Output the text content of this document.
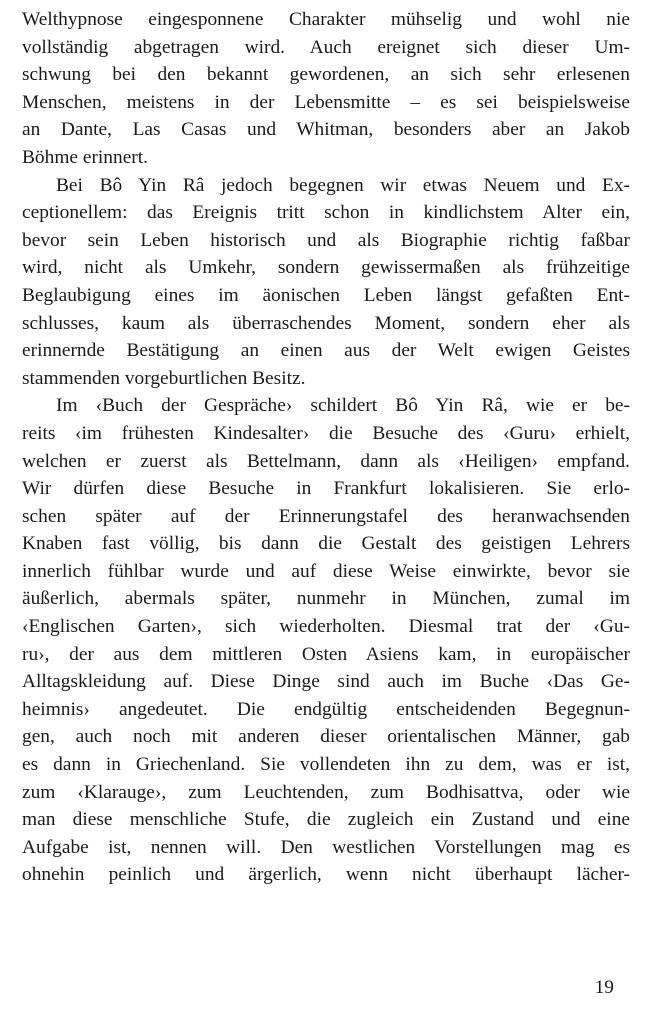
Welthypnose eingesponnene Charakter mühselig und wohl nie
vollständig abgetragen wird. Auch ereignet sich dieser Um-
schwung bei den bekannt gewordenen, an sich sehr erlesenen
Menschen, meistens in der Lebensmitte – es sei beispielsweise
an Dante, Las Casas und Whitman, besonders aber an Jakob
Böhme erinnert.
Bei Bô Yin Râ jedoch begegnen wir etwas Neuem und Ex-
ceptionellem: das Ereignis tritt schon in kindlichstem Alter ein,
bevor sein Leben historisch und als Biographie richtig faßbar
wird, nicht als Umkehr, sondern gewissermaßen als frühzeitige
Beglaubigung eines im äonischen Leben längst gefaßten Ent-
schlusses, kaum als überraschendes Moment, sondern eher als
erinnernde Bestätigung an einen aus der Welt ewigen Geistes
stammenden vorgeburtlichen Besitz.
Im ‹Buch der Gespräche› schildert Bô Yin Râ, wie er be-
reits ‹im frühesten Kindesalter› die Besuche des ‹Guru› erhielt,
welchen er zuerst als Bettelmann, dann als ‹Heiligen› empfand.
Wir dürfen diese Besuche in Frankfurt lokalisieren. Sie erlo-
schen später auf der Erinnerungstafel des heranwachsenden
Knaben fast völlig, bis dann die Gestalt des geistigen Lehrers
innerlich fühlbar wurde und auf diese Weise einwirkte, bevor sie
äußerlich, abermals später, nunmehr in München, zumal im
‹Englischen Garten›, sich wiederholten. Diesmal trat der ‹Gu-
ru›, der aus dem mittleren Osten Asiens kam, in europäischer
Alltagskleidung auf. Diese Dinge sind auch im Buche ‹Das Ge-
heimnis› angedeutet. Die endgültig entscheidenden Begegnun-
gen, auch noch mit anderen dieser orientalischen Männer, gab
es dann in Griechenland. Sie vollendeten ihn zu dem, was er ist,
zum ‹Klarauge›, zum Leuchtenden, zum Bodhisattva, oder wie
man diese menschliche Stufe, die zugleich ein Zustand und eine
Aufgabe ist, nennen will. Den westlichen Vorstellungen mag es
ohnehin peinlich und ärgerlich, wenn nicht überhaupt lächer-
19
